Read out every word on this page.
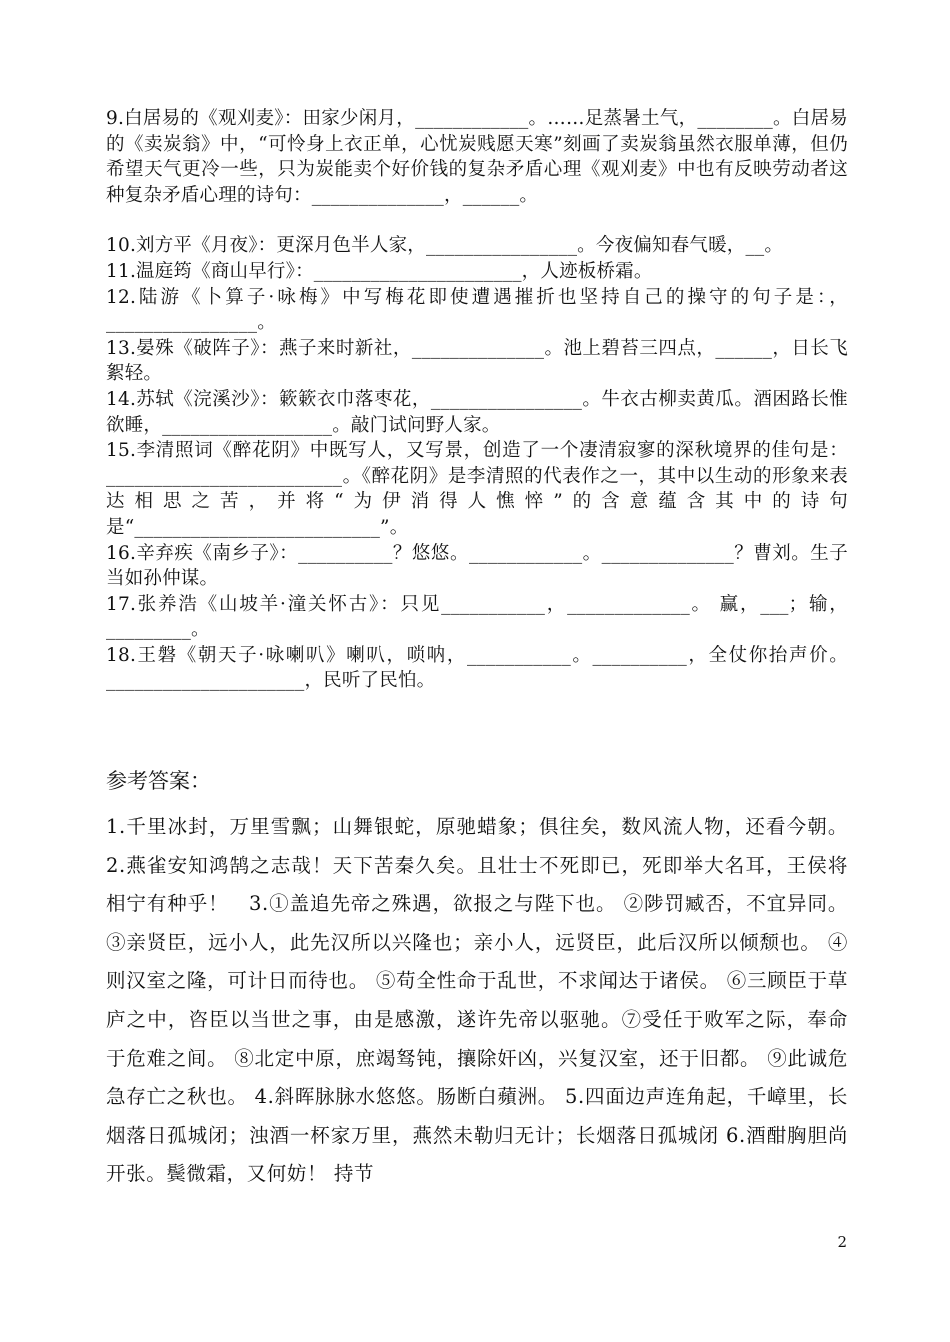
9.白居易的《观刈麦》：田家少闲月，____________。……足蒸暑土气，________。白居易的《卖炭翁》中，“可怜身上衣正单，心忧炭贱愿天寒”刻画了卖炭翁虽然衣服单薄，但仍希望天气更冷一些，只为炭能卖个好价钱的复杂矛盾心理《观刈麦》中也有反映劳动者这种复杂矛盾心理的诗句：______________，______。

10.刘方平《月夜》：更深月色半人家，________________。今夜偏知春气暖，__。

11.温庭筠《商山早行》：______________________，人迹板桥霜。

12.陆游《卜算子·咏梅》中写梅花即使遭遇摧折也坚持自己的操守的句子是：，________________。

13.晏殊《破阵子》：燕子来时新社，______________。池上碧苔三四点，______，日长飞絮轻。

14.苏轼《浣溪沙》：簌簌衣巾落枣花，________________。牛衣古柳卖黄瓜。酒困路长惟欲睡，__________________。敲门试问野人家。

15.李清照词《醉花阴》中既写人，又写景，创造了一个凄清寂寥的深秋境界的佳句是：_________________________。《醉花阴》是李清照的代表作之一，其中以生动的形象来表达相思之苦，并将“为伊消得人憔悴”的含意蕴含其中的诗句是“__________________________”。

16.辛弃疾《南乡子》：__________？悠悠。____________。______________？曹刘。生子当如孙仲谋。

17.张养浩《山坡羊·潼关怀古》：只见___________，_____________。 赢，___；输，_________。

18.王磐《朝天子·咏喇叭》喇叭，唢呐，___________。__________，全仗你抬声价。_____________________，民听了民怕。

参考答案：

1.千里冰封，万里雪飘；山舞银蛇，原驰蜡象；俱往矣，数风流人物，还看今朝。 2.燕雀安知鸿鹄之志哉！天下苦秦久矣。且壮士不死即已，死即举大名耳，王侯将相宁有种乎！　3.①盖追先帝之殊遇，欲报之与陛下也。 ②陟罚臧否，不宜异同。 ③亲贤臣，远小人，此先汉所以兴隆也；亲小人，远贤臣，此后汉所以倾颓也。 ④则汉室之隆，可计日而待也。 ⑤苟全性命于乱世，不求闻达于诸侯。 ⑥三顾臣于草庐之中，咨臣以当世之事，由是感激，遂许先帝以驱驰。⑦受任于败军之际，奉命于危难之间。 ⑧北定中原，庶竭驽钝，攘除奸凶，兴复汉室，还于旧都。 ⑨此诚危急存亡之秋也。 4.斜晖脉脉水悠悠。肠断白蘋洲。 5.四面边声连角起，千嶂里，长烟落日孤城闭；浊酒一杯家万里，燕然未勒归无计；长烟落日孤城闭 6.酒酣胸胆尚开张。鬓微霜，又何妨！ 持节

2
